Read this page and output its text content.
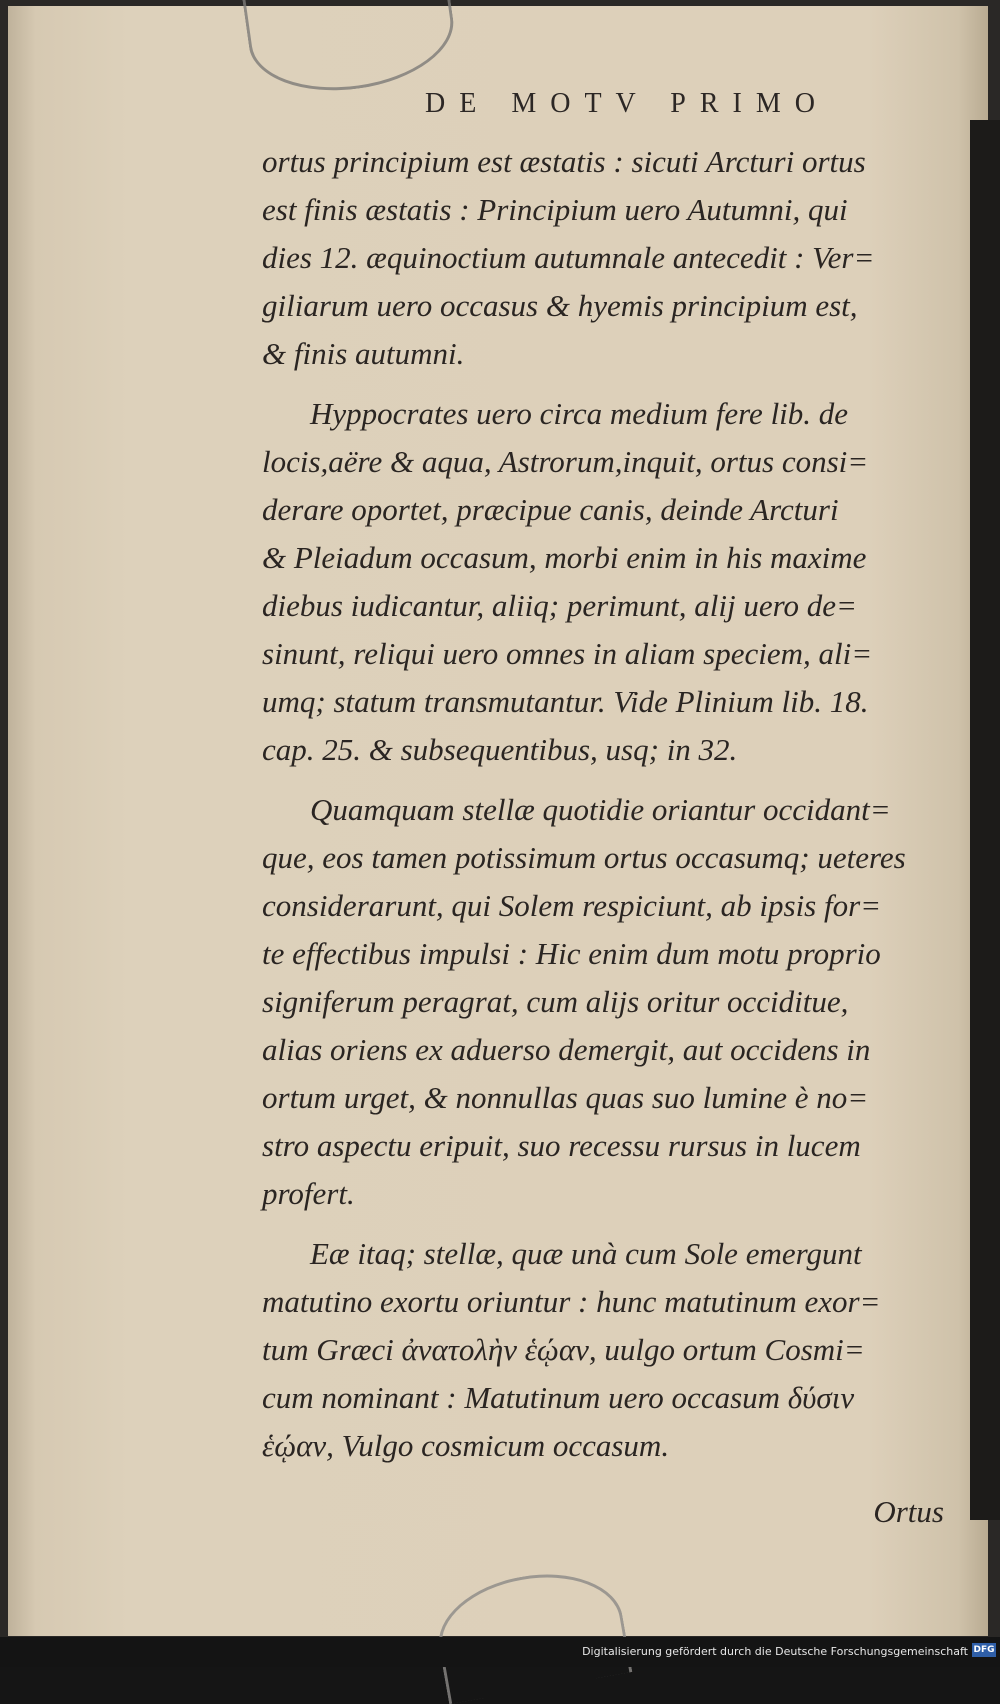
DE MOTV PRIMO
ortus principium est æstatis : sicuti Arcturi ortus
est finis æstatis : Principium uero Autumni, qui
dies 12. æquinoctium autumnale antecedit : Ver=
giliarum uero occasus & hyemis principium est,
& finis autumni.
Hyppocrates uero circa medium fere lib. de
locis,aëre & aqua, Astrorum,inquit, ortus consi=
derare oportet, præcipue canis, deinde Arcturi
& Pleiadum occasum, morbi enim in his maxime
diebus iudicantur, aliiq; perimunt, alij uero de=
sinunt, reliqui uero omnes in aliam speciem, ali=
umq; statum transmutantur. Vide Plinium lib. 18.
cap. 25. & subsequentibus, usq; in 32.
Quamquam stellæ quotidie oriantur occidant=
que, eos tamen potissimum ortus occasumq; ueteres
considerarunt, qui Solem respiciunt, ab ipsis for=
te effectibus impulsi : Hic enim dum motu proprio
signiferum peragrat, cum alijs oritur occiditue,
alias oriens ex aduerso demergit, aut occidens in
ortum urget, & nonnullas quas suo lumine è no=
stro aspectu eripuit, suo recessu rursus in lucem
profert.
Eæ itaq; stellæ, quæ unà cum Sole emergunt
matutino exortu oriuntur : hunc matutinum exor=
tum Græci ἀνατολὴν ἑῴαν, uulgo ortum Cosmi=
cum nominant : Matutinum uero occasum δύσιν
ἑῴαν, Vulgo cosmicum occasum.
Ortus
Digitalisierung gefördert durch die Deutsche Forschungsgemeinschaft DFG
